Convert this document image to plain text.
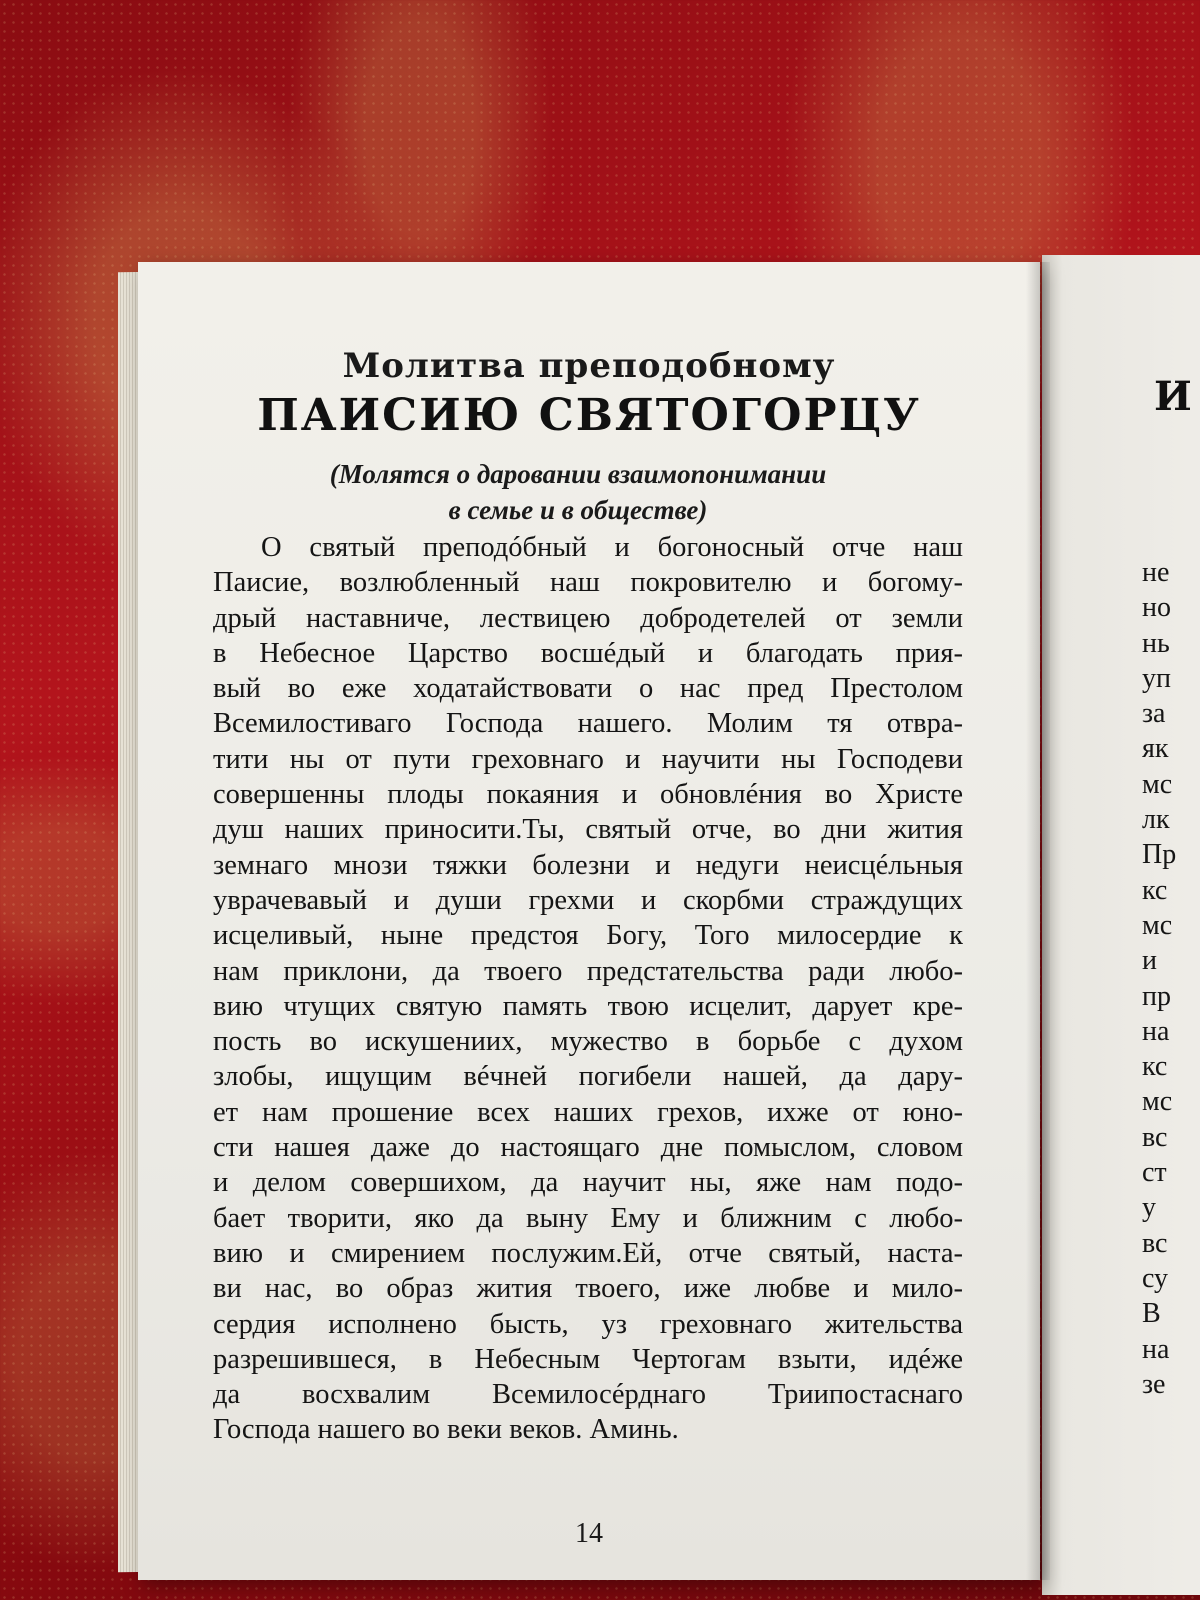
И
не
но
нь
уп
за
як
мс
лк
Пр
кс
мс
и
пр
на
кс
мс
вс
ст
у
вс
су
В
на
зе
Молитва преподобному
ПАИСИЮ СВЯТОГОРЦУ
(Молятся о даровании взаимопонимании
в семье и в обществе)
О святый преподóбный и богоносный отче наш
Паисие, возлюбленный наш покровителю и богому-
дрый наставниче, лествицею добродетелей от земли
в Небесное Царство восшéдый и благодать прия-
вый во еже ходатайствовати о нас пред Престолом
Всемилостиваго Господа нашего. Молим тя отвра-
тити ны от пути греховнаго и научити ны Господеви
совершенны плоды покаяния и обновлéния во Христе
душ наших приносити.Ты, святый отче, во дни жития
земнаго мнози тяжки болезни и недуги неисцéльныя
уврачевавый и души грехми и скорбми страждущих
исцеливый, ныне предстоя Богу, Того милосердие к
нам приклони, да твоего предстательства ради любо-
вию чтущих святую память твою исцелит, дарует кре-
пость во искушениих, мужество в борьбе с духом
злобы, ищущим вéчней погибели нашей, да дару-
ет нам прошение всех наших грехов, ихже от юно-
сти нашея даже до настоящаго дне помыслом, словом
и делом совершихом, да научит ны, яже нам подо-
бает творити, яко да выну Ему и ближним с любо-
вию и смирением послужим.Ей, отче святый, наста-
ви нас, во образ жития твоего, иже любве и мило-
сердия исполнено бысть, уз греховнаго жительства
разрешившеся, в Небесным Чертогам взыти, идéже
да восхвалим Всемилосéрднаго Триипостаснаго
Господа нашего во веки веков. Аминь.
14
